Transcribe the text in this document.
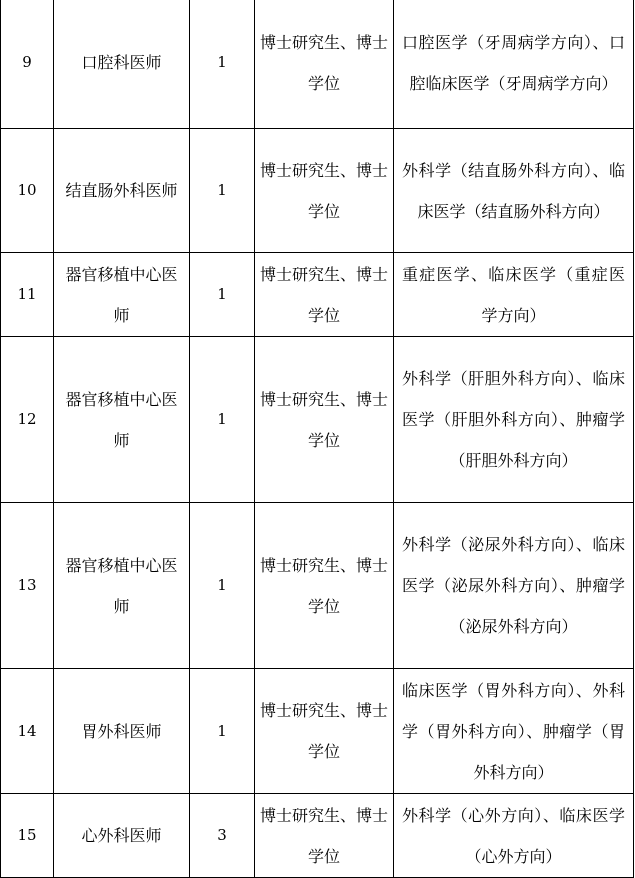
9	口腔科医师	1	博士研究生、博士学位	口腔医学（牙周病学方向）、口腔临床医学（牙周病学方向）
10	结直肠外科医师	1	博士研究生、博士学位	外科学（结直肠外科方向）、临床医学（结直肠外科方向）
11	器官移植中心医师	1	博士研究生、博士学位	重症医学、临床医学（重症医学方向）
12	器官移植中心医师	1	博士研究生、博士学位	外科学（肝胆外科方向）、临床医学（肝胆外科方向）、肿瘤学（肝胆外科方向）
13	器官移植中心医师	1	博士研究生、博士学位	外科学（泌尿外科方向）、临床医学（泌尿外科方向）、肿瘤学（泌尿外科方向）
14	胃外科医师	1	博士研究生、博士学位	临床医学（胃外科方向）、外科学（胃外科方向）、肿瘤学（胃外科方向）
15	心外科医师	3	博士研究生、博士学位	外科学（心外方向）、临床医学（心外方向）
